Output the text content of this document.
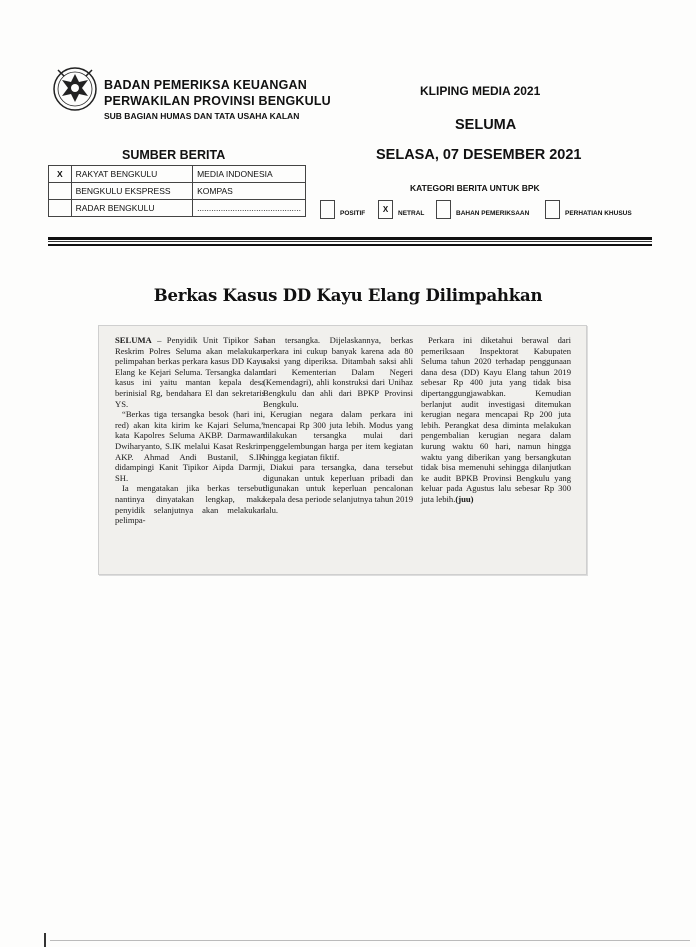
BADAN PEMERIKSA KEUANGAN
PERWAKILAN PROVINSI BENGKULU
SUB BAGIAN HUMAS DAN TATA USAHA KALAN
KLIPING MEDIA 2021
SELUMA
SUMBER BERITA	SELASA, 07 DESEMBER 2021
KATEGORI BERITA UNTUK BPK
X	RAKYAT BENGKULU	MEDIA INDONESIA
	BENGKULU EKSPRESS	KOMPAS
	RADAR BENGKULU	............................................
POSITIF	X	NETRAL	BAHAN PEMERIKSAAN	PERHATIAN KHUSUS
Berkas Kasus DD Kayu Elang Dilimpahkan

SELUMA – Penyidik Unit Tipikor Sat Reskrim Polres Seluma akan melakukan pelimpahan berkas perkara kasus DD Kayu Elang ke Kejari Seluma. Tersangka dalam kasus ini yaitu mantan kepala desa berinisial Rg, bendahara El dan sekretaris YS.

“Berkas tiga tersangka besok (hari ini, red) akan kita kirim ke Kajari Seluma,” kata Kapolres Seluma AKBP. Darmawan Dwiharyanto, S.IK melalui Kasat Reskrim AKP. Ahmad Andi Bustanil, S.IK didampingi Kanit Tipikor Aipda Darmji, SH.

Ia mengatakan jika berkas tersebut nantinya dinyatakan lengkap, maka penyidik selanjutnya akan melakukan pelimpa-

han tersangka. Dijelaskannya, berkas perkara ini cukup banyak karena ada 80 saksi yang diperiksa. Ditambah saksi ahli dari Kementerian Dalam Negeri (Kemendagri), ahli konstruksi dari Unihaz Bengkulu dan ahli dari BPKP Provinsi Bengkulu.

Kerugian negara dalam perkara ini mencapai Rp 300 juta lebih. Modus yang dilakukan tersangka mulai dari penggelembungan harga per item kegiatan hingga kegiatan fiktif.

Diakui para tersangka, dana tersebut digunakan untuk keperluan pribadi dan digunakan untuk keperluan pencalonan kepala desa periode selanjutnya tahun 2019 lalu.

Perkara ini diketahui berawal dari pemeriksaan Inspektorat Kabupaten Seluma tahun 2020 terhadap penggunaan dana desa (DD) Kayu Elang tahun 2019 sebesar Rp 400 juta yang tidak bisa dipertanggungjawabkan. Kemudian berlanjut audit investigasi ditemukan kerugian negara mencapai Rp 200 juta lebih. Perangkat desa diminta melakukan pengembalian kerugian negara dalam kurung waktu 60 hari, namun hingga waktu yang diberikan yang bersangkutan tidak bisa memenuhi sehingga dilanjutkan ke audit BPKB Provinsi Bengkulu yang keluar pada Agustus lalu sebesar Rp 300 juta lebih.(juu)
